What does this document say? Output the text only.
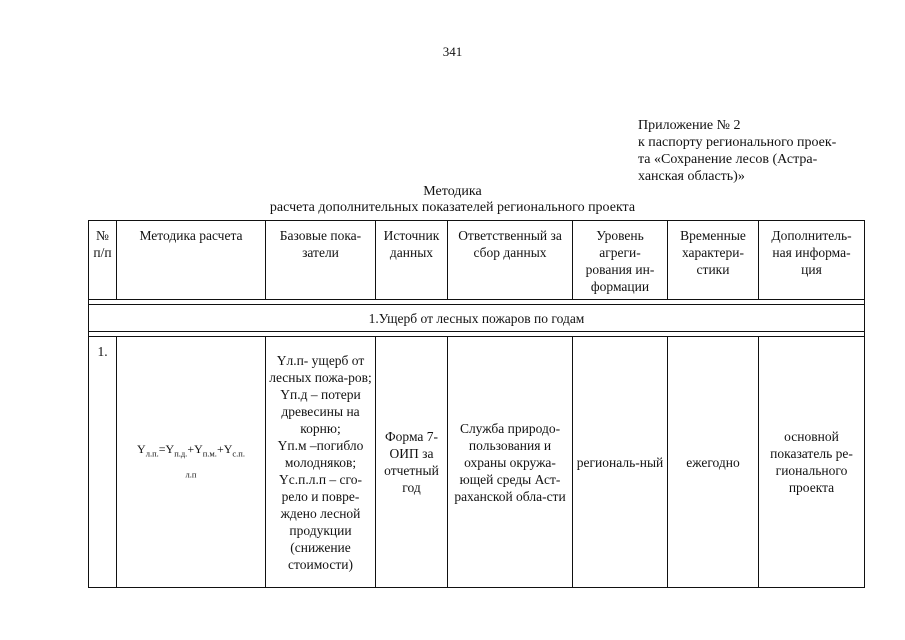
341
Приложение № 2
к паспорту регионального проек-
та «Сохранение лесов (Астра-
ханская область)»
Методика
расчета дополнительных показателей регионального проекта
№ п/п	Методика расчета	Базовые пока-
затели	Источник данных	Ответственный за сбор данных	Уровень агреги-
рования ин-
формации	Временные характери-
стики	Дополнитель-
ная информа-
ция

1.Ущерб от лесных пожаров по годам							

1.	$Y_{л.п.}=Y_{п.д.}+Y_{п.м.}+Y_{с.п.}$
$_{л.п}$	Yл.п- ущерб от лесных пожа-ров;
Yп.д – потери древесины на корню;
Yп.м –погибло молодняков;
Yс.п.л.п – сго-рело и повре-ждено лесной продукции (снижение стоимости)	Форма 7-ОИП за отчетный год	Служба природо-пользования и охраны окружа-ющей среды Аст-раханской обла-сти	региональ-ный	ежегодно	основной показатель ре-гионального проекта
